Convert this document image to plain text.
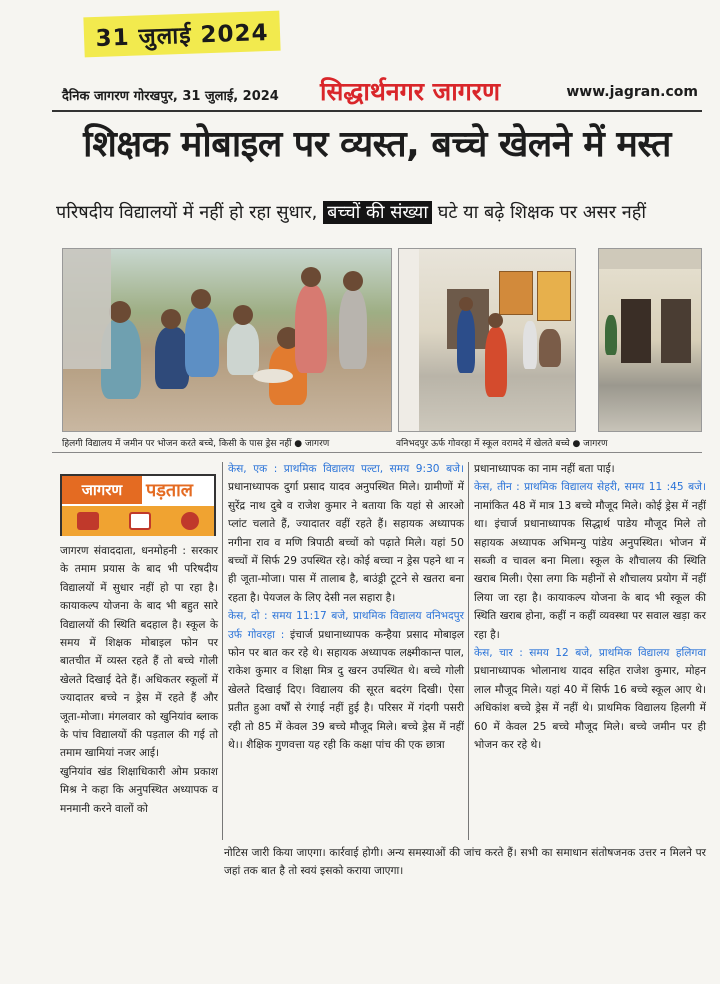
31 जुलाई 2024
दैनिक जागरण गोरखपुर, 31 जुलाई, 2024 सिद्धार्थनगर जागरण	www.jagran.com
शिक्षक मोबाइल पर व्यस्त, बच्चे खेलने में मस्त
परिषदीय विद्यालयों में नहीं हो रहा सुधार, बच्चों की संख्या घटे या बढ़े शिक्षक पर असर नहीं
हिलगी विद्यालय में जमीन पर भोजन करते बच्चे, किसी के पास ड्रेस नहीं ● जागरण	वनिभदपुर ऊर्फ गोवरहा में स्कूल वरामदे में खेलते बच्चे ● जागरण
जागरण	पड़ताल

जागरण संवाददाता, धनमोहनी : सरकार के तमाम प्रयास के बाद भी परिषदीय विद्यालयों में सुधार नहीं हो पा रहा है। कायाकल्प योजना के बाद भी बहुत सारे विद्यालयों की स्थिति बदहाल है। स्कूल के समय में शिक्षक मोबाइल फोन पर बातचीत में व्यस्त रहते हैं तो बच्चे गोली खेलते दिखाई देते हैं। अधिकतर स्कूलों में ज्यादातर बच्चे न ड्रेस में रहते हैं और जूता-मोजा। मंगलवार को खुनियांव ब्लाक के पांच विद्यालयों की पड़ताल की गई तो तमाम खामियां नजर आई।

खुनियांव खंड शिक्षाधिकारी ओम प्रकाश मिश्र ने कहा कि अनुपस्थित अध्यापक व मनमानी करने वालों को

केस, एक : प्राथमिक विद्यालय पल्टा, समय 9:30 बजे। प्रधानाध्यापक दुर्गा प्रसाद यादव अनुपस्थित मिले। ग्रामीणों में सुरेंद्र नाथ दुबे व राजेश कुमार ने बताया कि यहां से आरओ प्लांट चलाते हैं, ज्यादातर वहीं रहते हैं। सहायक अध्यापक नगीना राव व मणि त्रिपाठी बच्चों को पढ़ाते मिले। यहां 50 बच्चों में सिर्फ 29 उपस्थित रहे। कोई बच्चा न ड्रेस पहने था न ही जूता-मोजा। पास में तालाब है, बाउंड्री टूटने से खतरा बना रहता है। पेयजल के लिए देसी नल सहारा है।

केस, दो : समय 11:17 बजे, प्राथमिक विद्यालय वनिभदपुर उर्फ गोवरहा : इंचार्ज प्रधानाध्यापक कन्हैया प्रसाद मोबाइल फोन पर बात कर रहे थे। सहायक अध्यापक लक्ष्मीकान्त पाल, राकेश कुमार व शिक्षा मित्र दु खरन उपस्थित थे। बच्चे गोली खेलते दिखाई दिए। विद्यालय की सूरत बदरंग दिखी। ऐसा प्रतीत हुआ वर्षों से रंगाई नहीं हुई है। परिसर में गंदगी पसरी रही तो 85 में केवल 39 बच्चे मौजूद मिले। बच्चे ड्रेस में नहीं थे।। शैक्षिक गुणवत्ता यह रही कि कक्षा पांच की एक छात्रा

प्रधानाध्यापक का नाम नहीं बता पाई।

केस, तीन : प्राथमिक विद्यालय सेहरी, समय 11 :45 बजे। नामांकित 48 में मात्र 13 बच्चे मौजूद मिले। कोई ड्रेस में नहीं था। इंचार्ज प्रधानाध्यापक सिद्धार्थ पाडेय मौजूद मिले तो सहायक अध्यापक अभिमन्यु पांडेय अनुपस्थित। भोजन में सब्जी व चावल बना मिला। स्कूल के शौचालय की स्थिति खराब मिली। ऐसा लगा कि महीनों से शौचालय प्रयोग में नहीं लिया जा रहा है। कायाकल्प योजना के बाद भी स्कूल की स्थिति खराब होना, कहीं न कहीं व्यवस्था पर सवाल खड़ा कर रहा है।

केस, चार : समय 12 बजे, प्राथमिक विद्यालय हलिगवा प्रधानाध्यापक भोलानाथ यादव सहित राजेश कुमार, मोहन लाल मौजूद मिले। यहां 40 में सिर्फ 16 बच्चे स्कूल आए थे। अधिकांश बच्चे ड्रेस में नहीं थे। प्राथमिक विद्यालय हिलगी में 60 में केवल 25 बच्चे मौजूद मिले। बच्चे जमीन पर ही भोजन कर रहे थे।

नोटिस जारी किया जाएगा। कार्रवाई होगी। अन्य समस्याओं की जांच करते हैं। सभी का समाधान संतोषजनक उत्तर न मिलने पर जहां तक बात है तो स्वयं इसको कराया जाएगा।
